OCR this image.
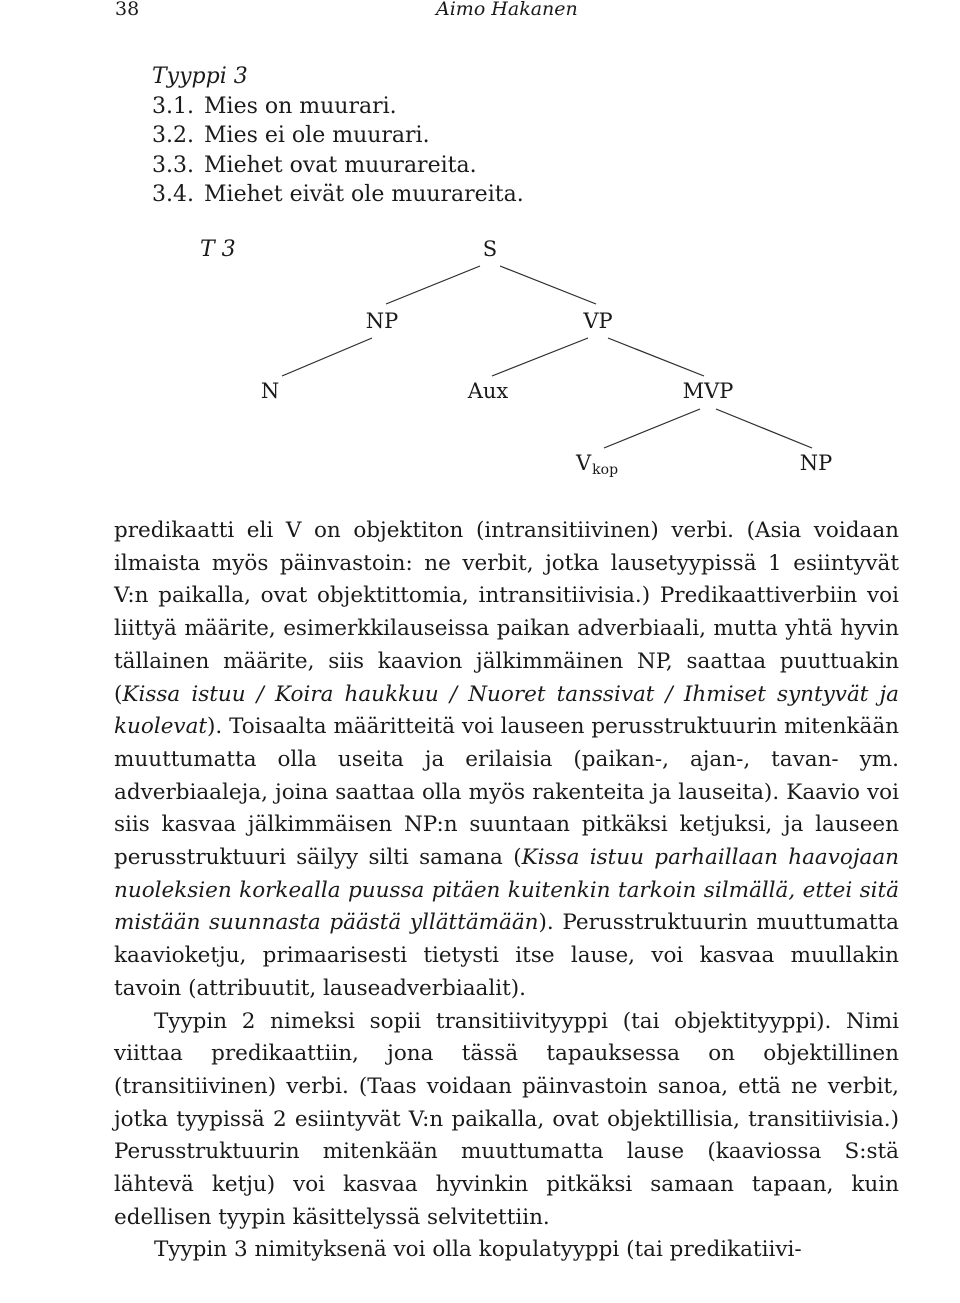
38	Aimo Hakanen
Tyyppi 3
3.1. Mies on muurari.
3.2. Mies ei ole muurari.
3.3. Miehet ovat muurareita.
3.4. Miehet eivät ole muurareita.
T 3	S
NP	VP
N	Aux	MVP
Vkop	NP

predikaatti eli V on objektiton (intransitiivinen) verbi. (Asia voidaan ilmaista myös päinvastoin: ne verbit, jotka lausetyypissä 1 esiintyvät V:n paikalla, ovat objektittomia, intransitiivisia.) Predikaattiverbiin voi liittyä määrite, esimerkkilauseissa paikan adverbiaali, mutta yhtä hyvin tällainen määrite, siis kaavion jälkimmäinen NP, saattaa puuttuakin (Kissa istuu / Koira haukkuu / Nuoret tanssivat / Ihmiset syntyvät ja kuolevat). Toisaalta määritteitä voi lauseen perusstruktuurin mitenkään muuttumatta olla useita ja erilaisia (paikan-, ajan-, tavan- ym. adverbiaaleja, joina saattaa olla myös rakenteita ja lauseita). Kaavio voi siis kasvaa jälkimmäisen NP:n suuntaan pitkäksi ketjuksi, ja lauseen perusstruktuuri säilyy silti samana (Kissa istuu parhaillaan haavojaan nuoleksien korkealla puussa pitäen kuitenkin tarkoin silmällä, ettei sitä mistään suunnasta päästä yllättämään). Perusstruktuurin muuttumatta kaavioketju, primaarisesti tietysti itse lause, voi kasvaa muullakin tavoin (attribuutit, lauseadverbiaalit).

Tyypin 2 nimeksi sopii transitiivityyppi (tai objektityyppi). Nimi viittaa predikaattiin, jona tässä tapauksessa on objektillinen (transitiivinen) verbi. (Taas voidaan päinvastoin sanoa, että ne verbit, jotka tyypissä 2 esiintyvät V:n paikalla, ovat objektillisia, transitiivisia.) Perusstruktuurin mitenkään muuttumatta lause (kaaviossa S:stä lähtevä ketju) voi kasvaa hyvinkin pitkäksi samaan tapaan, kuin edellisen tyypin käsittelyssä selvitettiin.

Tyypin 3 nimityksenä voi olla kopulatyyppi (tai predikatiivi-
